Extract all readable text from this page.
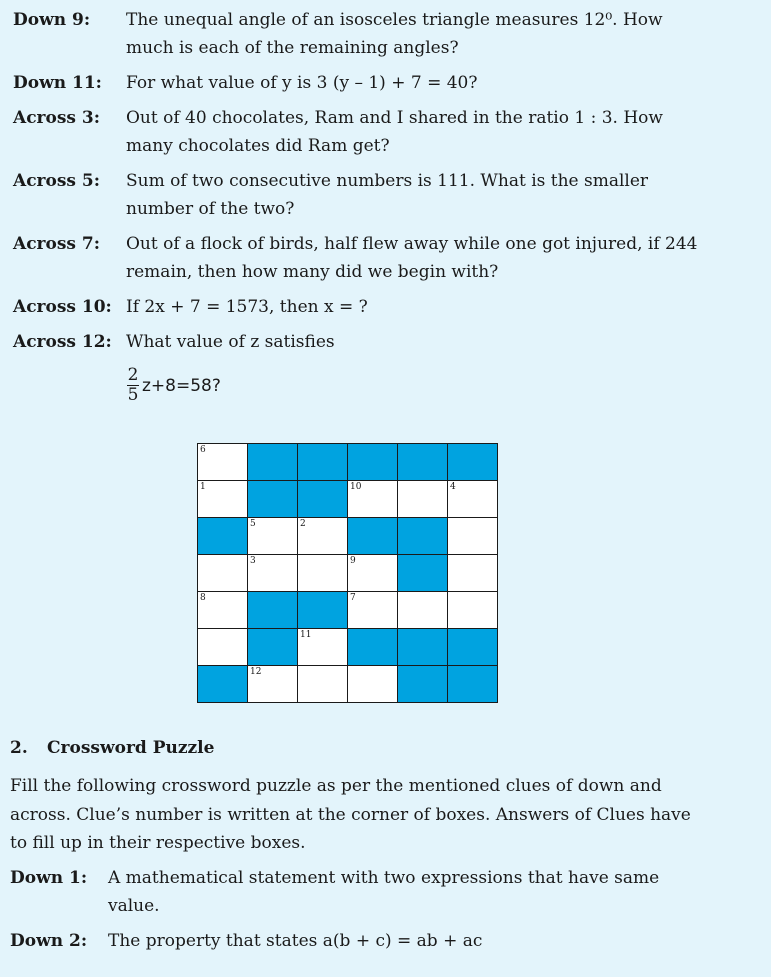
Down 9: The unequal angle of an isosceles triangle measures 12⁰. How much is each of the remaining angles?
Down 11: For what value of y is 3 (y – 1) + 7 = 40?
Across 3: Out of 40 chocolates, Ram and I shared in the ratio 1 : 3. How many chocolates did Ram get?
Across 5: Sum of two consecutive numbers is 111. What is the smaller number of the two?
Across 7: Out of a flock of birds, half flew away while one got injured, if 244 remain, then how many did we begin with?
Across 10: If 2x + 7 = 1573, then x = ?
Across 12: What value of z satisfies
$\frac{2}{5} z+8=58$?
6					

1			10		4

	5	2			

	3		9		

8			7		

		11			

	12				

2. Crossword Puzzle
Fill the following crossword puzzle as per the mentioned clues of down and across. Clue’s number is written at the corner of boxes. Answers of Clues have to fill up in their respective boxes.
Down 1: A mathematical statement with two expressions that have same value.
Down 2: The property that states a(b + c) = ab + ac
